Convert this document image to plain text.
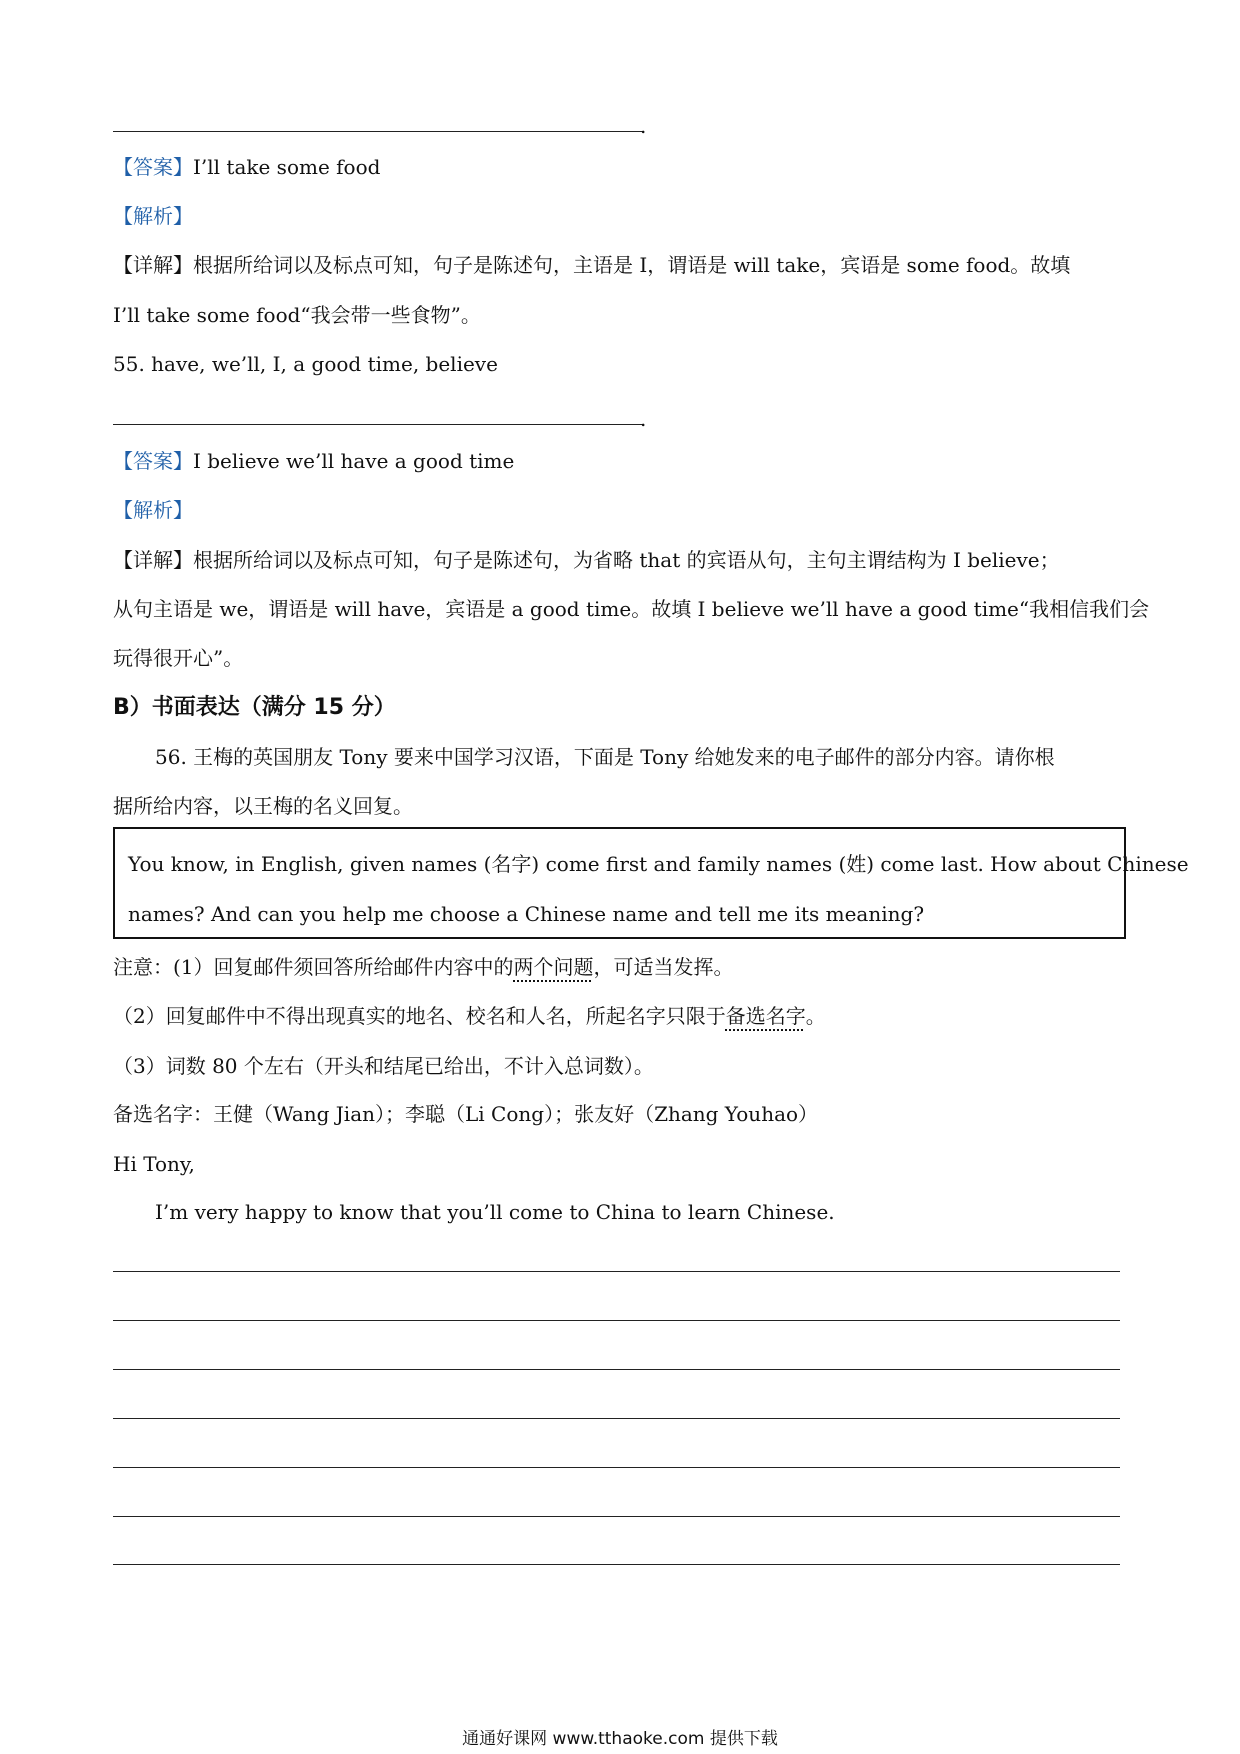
.
【答案】I’ll take some food
【解析】
【详解】根据所给词以及标点可知，句子是陈述句，主语是 I，谓语是 will take，宾语是 some food。故填
I’ll take some food“我会带一些食物”。
55. have, we’ll, I, a good time, believe
.
【答案】I believe we’ll have a good time
【解析】
【详解】根据所给词以及标点可知，句子是陈述句，为省略 that 的宾语从句，主句主谓结构为 I believe；
从句主语是 we，谓语是 will have，宾语是 a good time。故填 I believe we’ll have a good time“我相信我们会
玩得很开心”。
B）书面表达（满分 15 分）
56. 王梅的英国朋友 Tony 要来中国学习汉语，下面是 Tony 给她发来的电子邮件的部分内容。请你根
据所给内容，以王梅的名义回复。
You know, in English, given names (名字) come first and family names (姓) come last. How about Chinese
names? And can you help me choose a Chinese name and tell me its meaning?
注意：(1）回复邮件须回答所给邮件内容中的两个问题，可适当发挥。
（2）回复邮件中不得出现真实的地名、校名和人名，所起名字只限于备选名字。
（3）词数 80 个左右（开头和结尾已给出，不计入总词数）。
备选名字：王健（Wang Jian）；李聪（Li Cong）；张友好（Zhang Youhao）
Hi Tony,
I’m very happy to know that you’ll come to China to learn Chinese.
通通好课网 www.tthaoke.com 提供下载
